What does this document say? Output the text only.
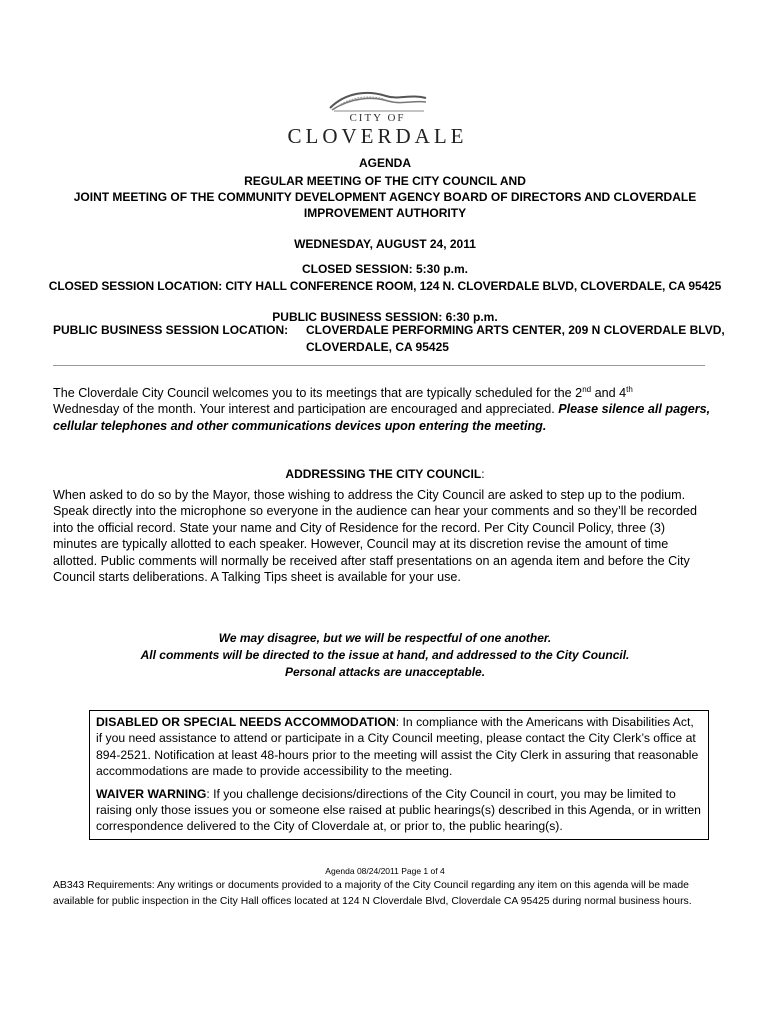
CITY OF
CLOVERDALE
AGENDA
REGULAR MEETING OF THE CITY COUNCIL AND
JOINT MEETING OF THE COMMUNITY DEVELOPMENT AGENCY BOARD OF DIRECTORS AND CLOVERDALE
IMPROVEMENT AUTHORITY
WEDNESDAY, AUGUST 24, 2011
CLOSED SESSION: 5:30 p.m.
CLOSED SESSION LOCATION: CITY HALL CONFERENCE ROOM, 124 N. CLOVERDALE BLVD, CLOVERDALE, CA 95425
PUBLIC BUSINESS SESSION: 6:30 p.m.
PUBLIC BUSINESS SESSION LOCATION: CLOVERDALE PERFORMING ARTS CENTER, 209 N CLOVERDALE BLVD,
CLOVERDALE, CA 95425
The Cloverdale City Council welcomes you to its meetings that are typically scheduled for the 2nd and 4th
Wednesday of the month. Your interest and participation are encouraged and appreciated. Please silence all pagers, cellular telephones and other communications devices upon entering the meeting.
ADDRESSING THE CITY COUNCIL:
When asked to do so by the Mayor, those wishing to address the City Council are asked to step up to the podium. Speak directly into the microphone so everyone in the audience can hear your comments and so they’ll be recorded into the official record. State your name and City of Residence for the record. Per City Council Policy, three (3) minutes are typically allotted to each speaker. However, Council may at its discretion revise the amount of time allotted. Public comments will normally be received after staff presentations on an agenda item and before the City Council starts deliberations. A Talking Tips sheet is available for your use.
We may disagree, but we will be respectful of one another.
All comments will be directed to the issue at hand, and addressed to the City Council.
Personal attacks are unacceptable.

DISABLED OR SPECIAL NEEDS ACCOMMODATION: In compliance with the Americans with Disabilities Act, if you need assistance to attend or participate in a City Council meeting, please contact the City Clerk’s office at 894-2521. Notification at least 48-hours prior to the meeting will assist the City Clerk in assuring that reasonable accommodations are made to provide accessibility to the meeting.

WAIVER WARNING: If you challenge decisions/directions of the City Council in court, you may be limited to raising only those issues you or someone else raised at public hearings(s) described in this Agenda, or in written correspondence delivered to the City of Cloverdale at, or prior to, the public hearing(s).

Agenda 08/24/2011 Page 1 of 4
AB343 Requirements: Any writings or documents provided to a majority of the City Council regarding any item on this agenda will be made available for public inspection in the City Hall offices located at 124 N Cloverdale Blvd, Cloverdale CA 95425 during normal business hours.
